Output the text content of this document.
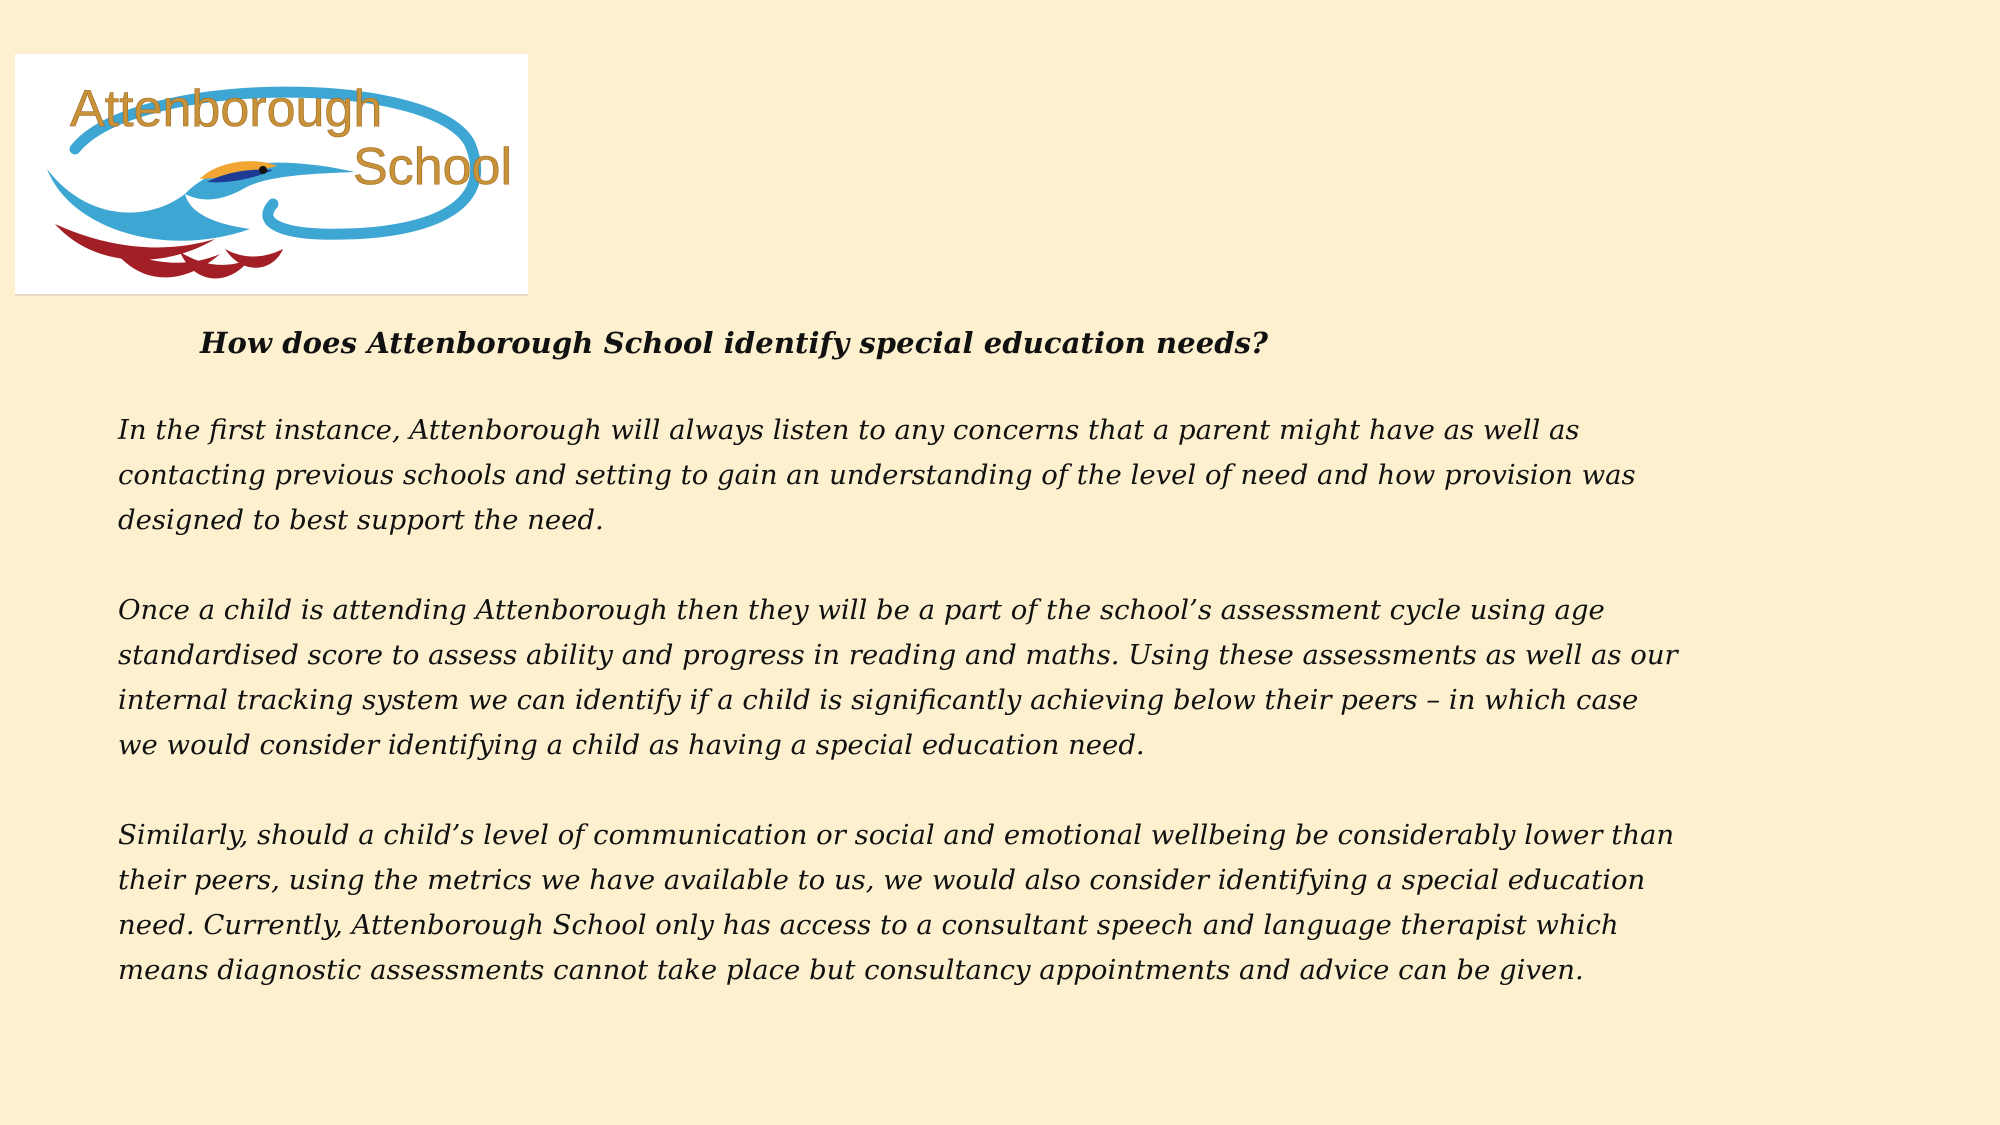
Attenborough
School
How does Attenborough School identify special education needs?

In the first instance, Attenborough will always listen to any concerns that a parent might have as well as contacting previous schools and setting to gain an understanding of the level of need and how provision was designed to best support the need.

Once a child is attending Attenborough then they will be a part of the school’s assessment cycle using age standardised score to assess ability and progress in reading and maths. Using these assessments as well as our internal tracking system we can identify if a child is significantly achieving below their peers – in which case we would consider identifying a child as having a special education need.

Similarly, should a child’s level of communication or social and emotional wellbeing be considerably lower than their peers, using the metrics we have available to us, we would also consider identifying a special education need. Currently, Attenborough School only has access to a consultant speech and language therapist which means diagnostic assessments cannot take place but consultancy appointments and advice can be given.
